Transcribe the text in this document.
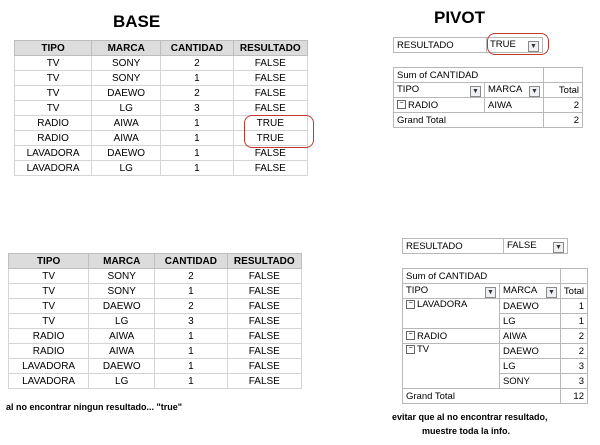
BASE	PIVOT
TIPO	MARCA	CANTIDAD	RESULTADO
TV	SONY	2	FALSE
TV	SONY	1	FALSE
TV	DAEWO	2	FALSE
TV	LG	3	FALSE
RADIO	AIWA	1	TRUE
RADIO	AIWA	1	TRUE
LAVADORA	DAEWO	1	FALSE
LAVADORA	LG	1	FALSE
RESULTADO	TRUE ▼
Sum of CANTIDAD		
TIPO ▼	MARCA ▼	Total
− RADIO	AIWA	2
Grand Total		2
TIPO	MARCA	CANTIDAD	RESULTADO
TV	SONY	2	FALSE
TV	SONY	1	FALSE
TV	DAEWO	2	FALSE
TV	LG	3	FALSE
RADIO	AIWA	1	FALSE
RADIO	AIWA	1	FALSE
LAVADORA	DAEWO	1	FALSE
LAVADORA	LG	1	FALSE
al no encontrar ningun resultado... "true"
RESULTADO	FALSE	▼
Sum of CANTIDAD		
TIPO ▼	MARCA ▼	Total
− LAVADORA	DAEWO	1
	LG	1
− RADIO	AIWA	2
− TV	DAEWO	2
	LG	3
	SONY	3
Grand Total		12
evitar que al no encontrar resultado,
muestre toda la info.
